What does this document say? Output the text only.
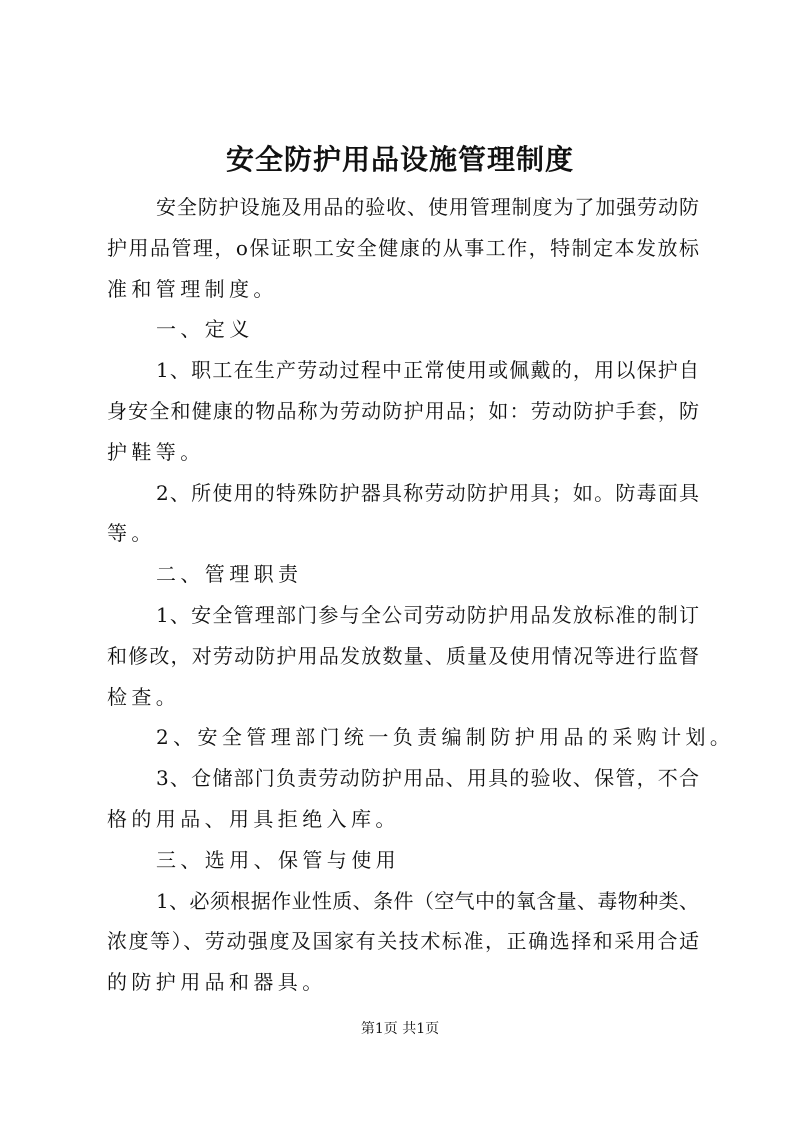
安全防护用品设施管理制度
安全防护设施及用品的验收、使用管理制度为了加强劳动防
护用品管理，o保证职工安全健康的从事工作，特制定本发放标
准和管理制度。
一、定义
1、职工在生产劳动过程中正常使用或佩戴的，用以保护自
身安全和健康的物品称为劳动防护用品；如：劳动防护手套，防
护鞋等。
2、所使用的特殊防护器具称劳动防护用具；如。防毒面具
等。
二、管理职责
1、安全管理部门参与全公司劳动防护用品发放标准的制订
和修改，对劳动防护用品发放数量、质量及使用情况等进行监督
检查。
2、安全管理部门统一负责编制防护用品的采购计划。
3、仓储部门负责劳动防护用品、用具的验收、保管，不合
格的用品、用具拒绝入库。
三、选用、保管与使用
1、必须根据作业性质、条件（空气中的氧含量、毒物种类、
浓度等）、劳动强度及国家有关技术标准，正确选择和采用合适
的防护用品和器具。
第1页 共1页
